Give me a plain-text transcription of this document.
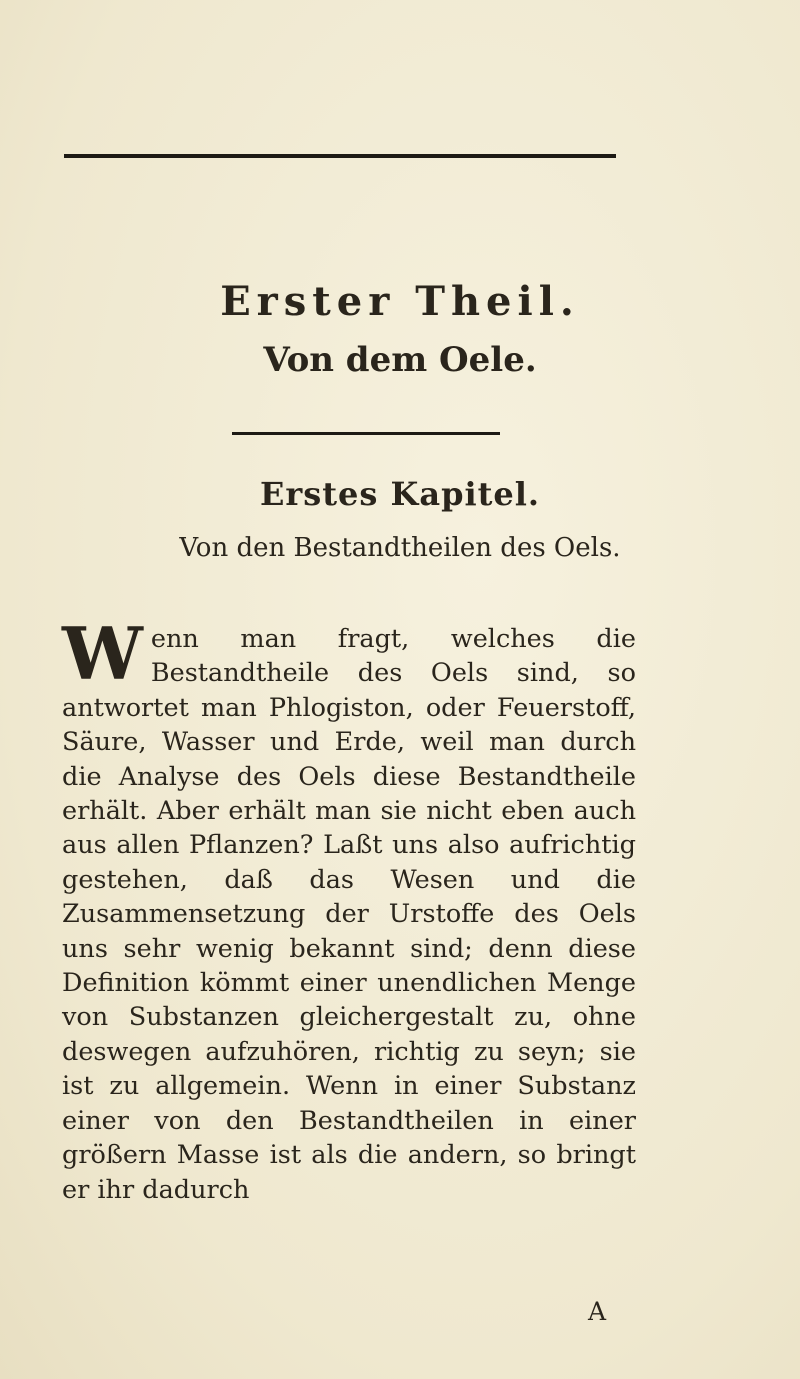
Erster Theil.
Von dem Oele.
Erstes Kapitel.
Von den Bestandtheilen des Oels.
Wenn man fragt, welches die Bestandtheile des Oels sind, so antwortet man Phlogiston, oder Feuerstoff, Säure, Wasser und Erde, weil man durch die Analyse des Oels diese Bestandtheile erhält. Aber erhält man sie nicht eben auch aus allen Pflanzen? Laßt uns also aufrichtig gestehen, daß das Wesen und die Zusammensetzung der Urstoffe des Oels uns sehr wenig bekannt sind; denn diese Definition kömmt einer unendlichen Menge von Substanzen gleichergestalt zu, ohne deswegen aufzuhören, richtig zu seyn; sie ist zu allgemein. Wenn in einer Substanz einer von den Bestandtheilen in einer größern Masse ist als die andern, so bringt er ihr dadurch
A
